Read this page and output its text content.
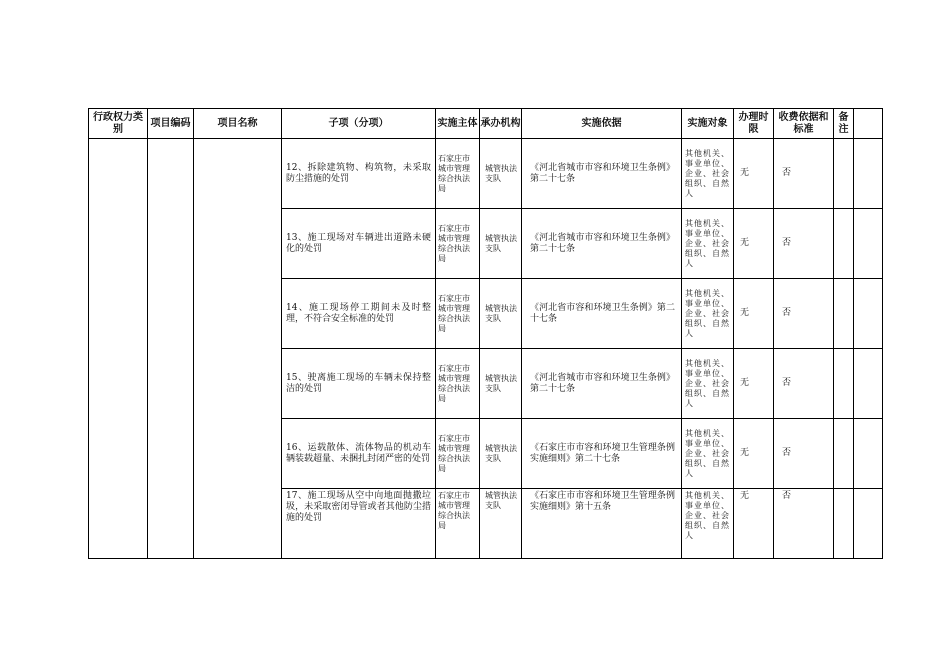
行政权力类别	项目编码	项目名称	子项（分项）	实施主体	承办机构	实施依据	实施对象	办理时限	收费依据和标准	备注	

			12、拆除建筑物、构筑物，未采取防尘措施的处罚	石家庄市城市管理综合执法局	城管执法支队	《河北省城市市容和环境卫生条例》第二十七条	其他机关、事业单位、企业、社会组织、自然人	无	否		

			13、施工现场对车辆进出道路未硬化的处罚	石家庄市城市管理综合执法局	城管执法支队	《河北省城市市容和环境卫生条例》第二十七条	其他机关、事业单位、企业、社会组织、自然人	无	否		

			14、施工现场停工期间未及时整理，不符合安全标准的处罚	石家庄市城市管理综合执法局	城管执法支队	《河北省市容和环境卫生条例》第二十七条	其他机关、事业单位、企业、社会组织、自然人	无	否		

			15、驶离施工现场的车辆未保持整洁的处罚	石家庄市城市管理综合执法局	城管执法支队	《河北省城市市容和环境卫生条例》第二十七条	其他机关、事业单位、企业、社会组织、自然人	无	否		

			16、运载散体、流体物品的机动车辆装载超量、未捆扎封闭严密的处罚	石家庄市城市管理综合执法局	城管执法支队	《石家庄市市容和环境卫生管理条例实施细则》第二十七条	其他机关、事业单位、企业、社会组织、自然人	无	否		

			17、施工现场从空中向地面抛撒垃圾，未采取密闭导管或者其他防尘措施的处罚	石家庄市城市管理综合执法局	城管执法支队	《石家庄市市容和环境卫生管理条例实施细则》第十五条	其他机关、事业单位、企业、社会组织、自然人	无	否		
